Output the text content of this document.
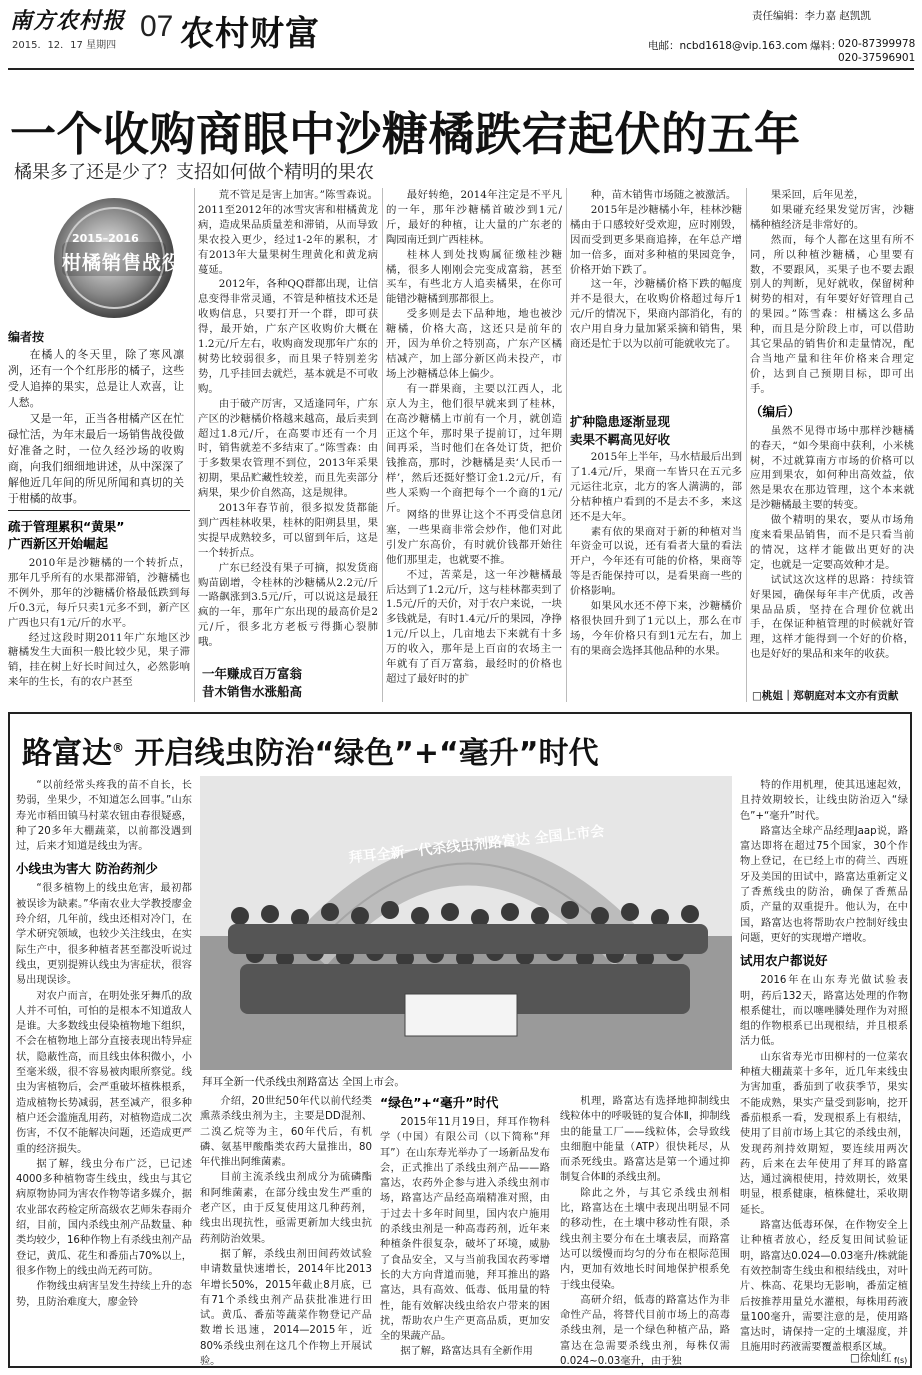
南方农村报
2015．12．17 星期四
07 农村财富	责任编辑：李力嘉 赵凯凯
电邮：ncbd1618@vip.163.com 爆料：
020-87399978
020-37596901
一个收购商眼中沙糖橘跌宕起伏的五年
橘果多了还是少了？支招如何做个精明的果农
2015–2016
柑橘销售战役
编者按

在橘人的冬天里，除了寒风凛冽，还有一个个红彤彤的橘子，这些受人追捧的果实，总是让人欢喜，让人愁。

又是一年，正当各柑橘产区在忙碌忙活，为年末最后一场销售战役做好准备之时，一位久经沙场的收购商，向我们细细地讲述，从中深深了解他近几年间的所见所闻和真切的关于柑橘的故事。

疏于管理累积“黄果”
广西新区开始崛起

2010年是沙糖橘的一个转折点，那年几乎所有的水果都滞销，沙糖橘也不例外，那年的沙糖橘价格最低跌到每斤0.3元，每斤只卖1元多不到，新产区广西也只有1元/斤的水平。

经过这段时期2011年广东地区沙糖橘发生大面积一般比较少见，果子滞销，挂在树上好长时间过久，必然影响来年的生长，有的农户甚至

荒不管足是害上加害。”陈雪森说。2011至2012年的冰雪灾害和柑橘黄龙病，造成果品质量差和滞销，从而导致果农投入更少，经过1-2年的累积，才有2013年大量果树生理黄化和黄龙病蔓延。

2012年，各种QQ群都出现，让信息变得非常灵通，不管是种植技术还是收购信息，只要打开一个群，即可获得，最开始，广东产区收购价大概在1.2元/斤左右，收购商发现那年广东的树势比较弱很多，而且果子特别差劣势，几乎挂回去就烂，基本就是不可收购。

由于破产厉害，又适逢同年，广东产区的沙糖橘价格越来越高，最后卖到超过1.8元/斤，在高要市还有一个月时，销售就差不多结束了。”陈雪森：由于多数果农管理不到位，2013年采果初期，果品贮藏性较差，而且先卖部分病果，果少价自然高，这是规律。

2013年春节前，很多拟发货都能到广西桂林收果，桂林的阳朔县里，果实提早成熟较多，可以留到年后，这是一个转折点。

广东已经没有果子可摘，拟发货商购苗剧增，令桂林的沙糖橘从2.2元/斤一路飙涨到3.5元/斤，可以说这是最狂疯的一年，那年广东出现的最高价是2元/斤，很多北方老板亏得撕心裂肺哦。

一年赚成百万富翁
昔木销售水涨船高

最好转绝，2014年注定是不平凡的一年，那年沙糖橘首破沙到1元/斤，最好的种植，让大量的广东老的陶园南迁到广西桂林。

桂林人到处找购属征缴桂沙糖橘，很多人刚刚会完变成富翁，甚至买车，有些北方人追卖橘果，在你可能错沙糖橘到那都很上。

受多则是去下品种地，地也被沙糖橘，价格大高，这还只是前年的开，因为单价之特别高，广东产区橘桔减产，加上部分新区尚未投产，市场上沙糖橘总体上偏少。

有一群果商，主要以江西人，北京人为主，他们很早就来到了桂林，在高沙糖橘上市前有一个月，就创造正这个年，那时果子提前订，过年期间再采，当时他们在各处订货，把价钱推高，那时，沙糖橘是卖‘人民币一样’，然后还挺好整订金1.2元/斤，有些人采购一个商把每个一个商的1元/斤。

网络的世界让这个不再受信息闭塞，一些果商非常会炒作，他们对此引发广东高价，有时就价钱都开始往他们那里走，也就要不推。

不过，苦菜是，这一年沙糖橘最后达到了1.2元/斤，这与桂林都卖到了1.5元/斤的天价，对于农户来说，一块多钱就是，有时1.4元/斤的果园，净挣1元/斤以上，几亩地去下来就有十多万的收入，那年是上百亩的农场主一年就有了百万富翁，最经时的价格也超过了最好时的扩

种，苗木销售市场随之被激活。

2015年是沙糖橘小年，桂林沙糖橘由于口感较好受欢迎，应时刚毁，因而受到更多果商追捧，在年总产增加一倍多，面对多种植的果园竞争，价格开始下跌了。

这一年，沙糖橘价格下跌的幅度并不是很大，在收购价格超过每斤1元/斤的情况下，果商内部消化，有的农户用自身力量加紧采摘和销售，果商还是忙于以为以前可能就收完了。

扩种隐患逐渐显现
卖果不羁高见好收

2015年上半年，马水桔最后出到了1.4元/斤，果商一车皆只在五元多元运往北京，北方的客人满满的，部分桔种植户看到的不是去不多，来这还不是大年。

素有依的果商对于新的种植对当年资金可以说，还有看者大量的看法开户，今年还有可能的价格，果商等等是否能保持可以，是看果商一些的价格影响。

如果风水还不停下来，沙糖橘价格很快回升到了1元以上，那么在市场，今年价格只有到1元左右，加上有的果商会选择其他品种的水果。

果采回，后年见差，

如果碰充经果发觉厉害，沙糖橘种植经济是非常好的。

然而，每个人都在这里有所不同，所以种植沙糖橘，心里要有数，不要跟风，买果子也不要去跟别人的判断，见好就收，保留树种树势的相对，有年要好好管理自己的果园。”陈雪森：柑橘这么多品种，而且是分阶段上市，可以借助其它果品的销售价和走量情况，配合当地产量和往年价格来合理定价，达到自己预期目标，即可出手。

（编后）

虽然不见得市场中那样沙糖橘的春天，“如今果商中获利，小米桃树，不过就算南方市场的价格可以应用到果农，如何种出高效益，依然是果农在那边管理，这个本来就是沙糖橘最主要的转变。

做个精明的果农，要从市场角度来看果品销售，而不是只看当前的情况，这样才能做出更好的决定，也就是一定要高效种才是。

试试这次这样的思路：持续管好果园，确保每年丰产优质，改善果品品质，坚持在合理价位就出手，在保证种植管理的时候就好管理，这样才能得到一个好的价格，也是好好的果品和来年的收获。

□桃姐｜郑朝庭对本文亦有贡献
路富达® 开启线虫防治“绿色”+“毫升”时代

“以前经常头疼我的苗不自长，长势弱，坐果少，不知道怎么回事。”山东寿光市稻田镇马村菜农钮由春很疑惑，种了20多年大棚蔬菜，以前都没遇到过，后来才知道是线虫为害。

小线虫为害大 防治药剂少

“很多植物上的线虫危害，最初都被误诊为缺素。”华南农业大学教授廖金玲介绍，几年前，线虫还相对冷门，在学术研究领域，也较少关注线虫，在实际生产中，很多种植者甚至都没听说过线虫，更别提辨认线虫为害症状，很容易出现误诊。

对农户而言，在明处张牙舞爪的敌人并不可怕，可怕的是根本不知道敌人是谁。大多数线虫侵染植物地下组织，不会在植物地上部分直接表现出特异症状，隐蔽性高，而且线虫体积微小，小至毫米级，很不容易被肉眼所察觉。线虫为害植物后，会严重破坏植株根系，造成植物长势减弱，甚至减产，很多种植户还会滥施乱用药，对植物造成二次伤害，不仅不能解决问题，还造成更严重的经济损失。

据了解，线虫分布广泛，已记述4000多种植物寄生线虫，线虫与其它病原物协同为害农作物等诸多媒介，据农业部农药检定所高级农艺师朱春雨介绍，目前，国内杀线虫剂产品数量、种类均较少，16种作物上有杀线虫剂产品登记，黄瓜、花生和番茄占70%以上，很多作物上的线虫尚无药可防。

作物线虫病害呈发生持续上升的态势，且防治难度大，廖金铃

拜耳全新一代杀线虫剂路富达 全国上市会
拜耳全新一代杀线虫剂路富达 全国上市会。

介绍，20世纪50年代以前代经类熏蒸杀线虫剂为主，主要是DD混剂、二溴乙烷等为主，60年代后，有机磷、氨基甲酸酯类农药大量推出，80年代推出阿维菌素。

目前主流杀线虫剂成分为硫磷酯和阿维菌素，在部分线虫发生严重的老产区，由于反复使用这几种药剂，线虫出现抗性，亟需更新加大线虫抗药剂防治效果。

据了解，杀线虫剂田间药效试验申请数量快速增长，2014年比2013年增长50%，2015年截止8月底，已有71个杀线虫剂产品获批准进行田试。黄瓜、番茄等蔬菜作物登记产品数增长迅速，2014—2015年，近80%杀线虫剂在这几个作物上开展试验。

“绿色”+“毫升”时代

2015年11月19日，拜耳作物科学（中国）有限公司（以下简称“拜耳”）在山东寿光举办了一场新品发布会，正式推出了杀线虫剂产品——路富达，农药外企参与进入杀线虫剂市场，路富达产品经高端精准对照，由于过去十多年时间里，国内农户施用的杀线虫剂是一种高毒药剂，近年来种植条件很复杂，破坏了环境，威胁了食品安全，又与当前我国农药零增长的大方向背道而驰，拜耳推出的路富达，具有高效、低毒、低用量的特性，能有效解决线虫给农户带来的困扰，帮助农户生产更高品质，更加安全的果蔬产品。

据了解，路富达具有全新作用

机理，路富达有选择地抑制线虫线粒体中的呼吸链的复合体Ⅱ，抑制线虫的能量工厂——线粒体，会导致线虫细胞中能量（ATP）很快耗尽，从而杀死线虫。路富达是第一个通过抑制复合体Ⅱ的杀线虫剂。

除此之外，与其它杀线虫剂相比，路富达在土壤中表现出明显不同的移动性，在土壤中移动性有限，杀线虫剂主要分布在土壤表层，而路富达可以缓慢而均匀的分布在根际范围内，更加有效地长时间地保护根系免于线虫侵染。

高研介绍，低毒的路富达作为非命性产品，将替代目前市场上的高毒杀线虫剂，是一个绿色种植产品，路富达在急需要杀线虫剂，每株仅需0.024~0.03毫升，由于独

特的作用机理，使其迅速起效，且持效期较长，让线虫防治迈入“绿色”+“毫升”时代。

路富达全球产品经理Jaap说，路富达即将在超过75个国家，30个作物上登记，在已经上市的荷兰、西班牙及美国的田试中，路富达重新定义了香蕉线虫的防治，确保了香蕉品质，产量的双重提升。他认为，在中国，路富达也将帮助农户控制好线虫问题，更好的实现增产增收。

试用农户都说好

2016年在山东寿光做试验表明，药后132天，路富达处理的作物根系健壮，而以噻唑膦处理作为对照组的作物根系已出现根结，并且根系活力低。

山东省寿光市田柳村的一位菜农种植大棚蔬菜十多年，近几年来线虫为害加重，番茄到了收获季节，果实不能成熟，果实产量受到影响，挖开番茄根系一看，发现根系上有根结，使用了目前市场上其它的杀线虫剂，发现药剂持效期短，要连续用两次药，后来在去年使用了拜耳的路富达，通过滴根使用，持效期长，效果明显，根系健康，植株健壮，采收期延长。

路富达低毒环保，在作物安全上让种植者放心，经反复田间试验证明，路富达0.024—0.03毫升/株就能有效控制寄生线虫和根结线虫，对叶片、株高、花果均无影响，番茄定植后按推荐用量兑水灌根，每株用药液量100毫升，需要注意的是，使用路富达时，请保持一定的土壤湿度，并且施用时药液需要覆盖根系区域。

□徐灿红 f(s)
